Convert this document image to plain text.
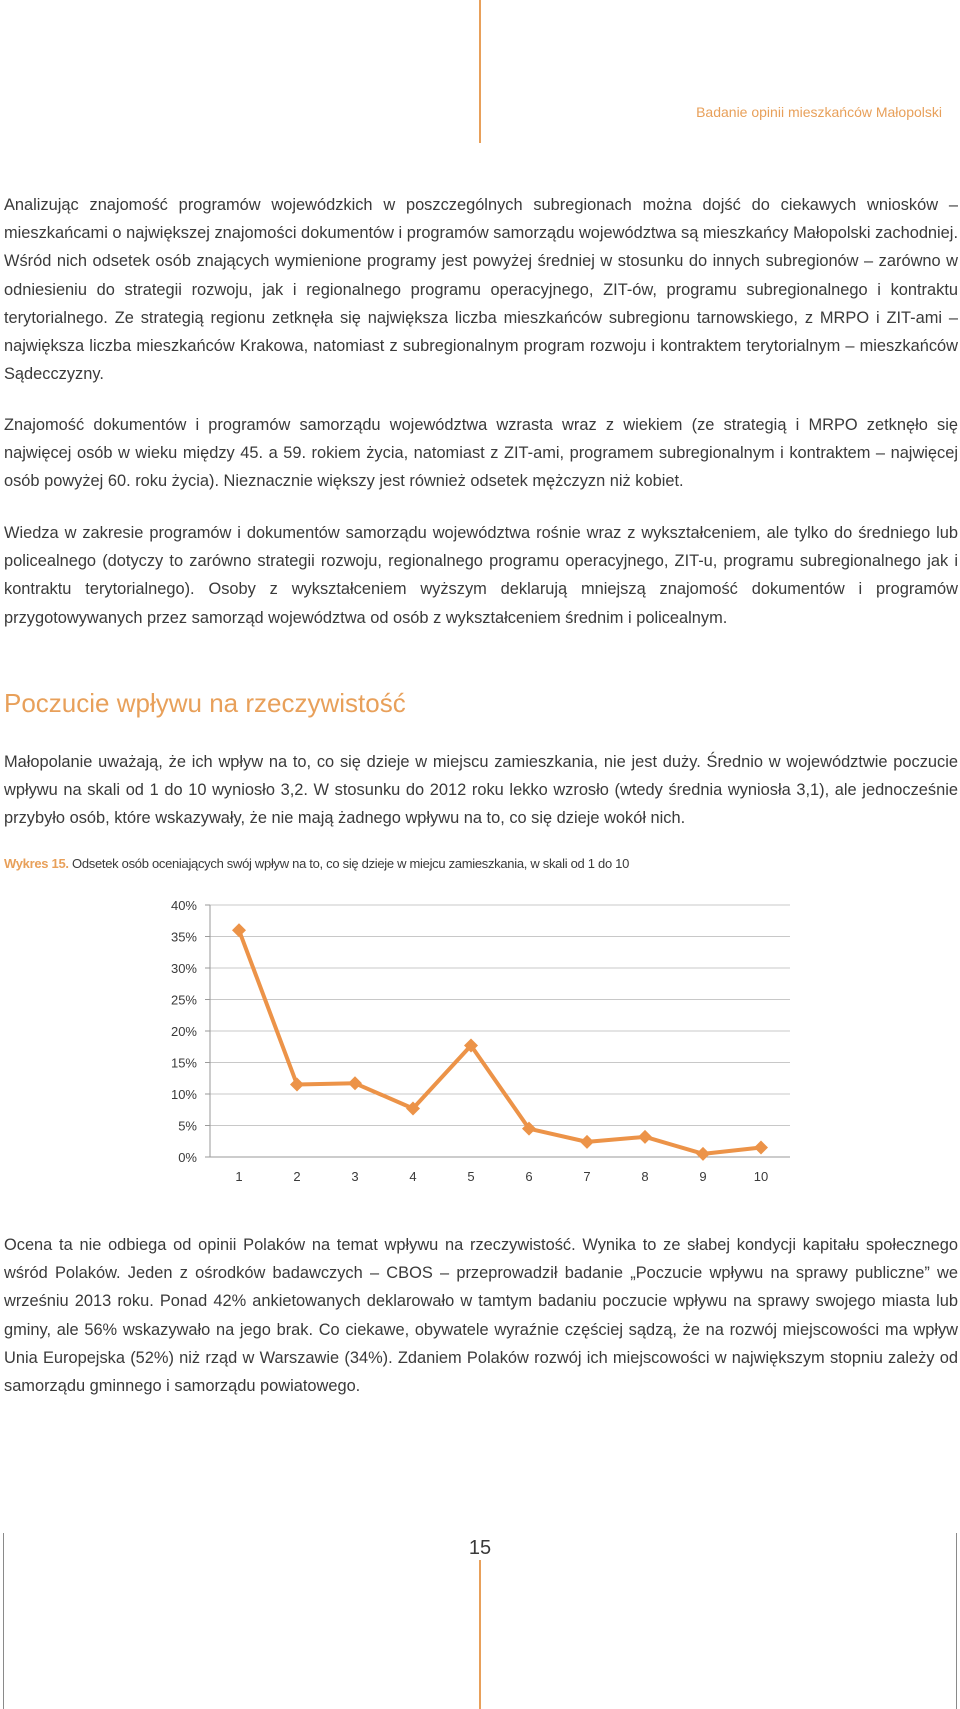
Badanie opinii mieszkańców Małopolski

Analizując znajomość programów wojewódzkich w poszczególnych subregionach można dojść do ciekawych wniosków – mieszkańcami o największej znajomości dokumentów i programów samorządu województwa są mieszkańcy Małopolski zachodniej. Wśród nich odsetek osób znających wymienione programy jest powyżej średniej w stosunku do innych subregionów – zarówno w odniesieniu do strategii rozwoju, jak i regionalnego programu operacyjnego, ZIT-ów, programu subregionalnego i kontraktu terytorialnego. Ze strategią regionu zetknęła się największa liczba mieszkańców subregionu tarnowskiego, z MRPO i ZIT-ami – największa liczba mieszkańców Krakowa, natomiast z subregionalnym program rozwoju i kontraktem terytorialnym – mieszkańców Sądecczyzny.

Znajomość dokumentów i programów samorządu województwa wzrasta wraz z wiekiem (ze strategią i MRPO zetknęło się najwięcej osób w wieku między 45. a 59. rokiem życia, natomiast z ZIT-ami, programem subregionalnym i kontraktem – najwięcej osób powyżej 60. roku życia). Nieznacznie większy jest również odsetek mężczyzn niż kobiet.

Wiedza w zakresie programów i dokumentów samorządu województwa rośnie wraz z wykształceniem, ale tylko do średniego lub policealnego (dotyczy to zarówno strategii rozwoju, regionalnego programu operacyjnego, ZIT-u, programu subregionalnego jak i kontraktu terytorialnego). Osoby z wykształceniem wyższym deklarują mniejszą znajomość dokumentów i programów przygotowywanych przez samorząd województwa od osób z wykształceniem średnim i policealnym.

Poczucie wpływu na rzeczywistość

Małopolanie uważają, że ich wpływ na to, co się dzieje w miejscu zamieszkania, nie jest duży. Średnio w województwie poczucie wpływu na skali od 1 do 10 wyniosło 3,2. W stosunku do 2012 roku lekko wzrosło (wtedy średnia wyniosła 3,1), ale jednocześnie przybyło osób, które wskazywały, że nie mają żadnego wpływu na to, co się dzieje wokół nich.

Wykres 15. Odsetek osób oceniających swój wpływ na to, co się dzieje w miejcu zamieszkania, w skali od 1 do 10
0%
5%
10%
15%
20%
25%
30%
35%
40%
1	2	3	4	5	6	7	8	9	10

Ocena ta nie odbiega od opinii Polaków na temat wpływu na rzeczywistość. Wynika to ze słabej kondycji kapitału społecznego wśród Polaków. Jeden z ośrodków badawczych – CBOS – przeprowadził badanie „Poczucie wpływu na sprawy publiczne” we wrześniu 2013 roku. Ponad 42% ankietowanych deklarowało w tamtym badaniu poczucie wpływu na sprawy swojego miasta lub gminy, ale 56% wskazywało na jego brak. Co ciekawe, obywatele wyraźnie częściej sądzą, że na rozwój miejscowości ma wpływ Unia Europejska (52%) niż rząd w Warszawie (34%). Zdaniem Polaków rozwój ich miejscowości w największym stopniu zależy od samorządu gminnego i samorządu powiatowego.

15
